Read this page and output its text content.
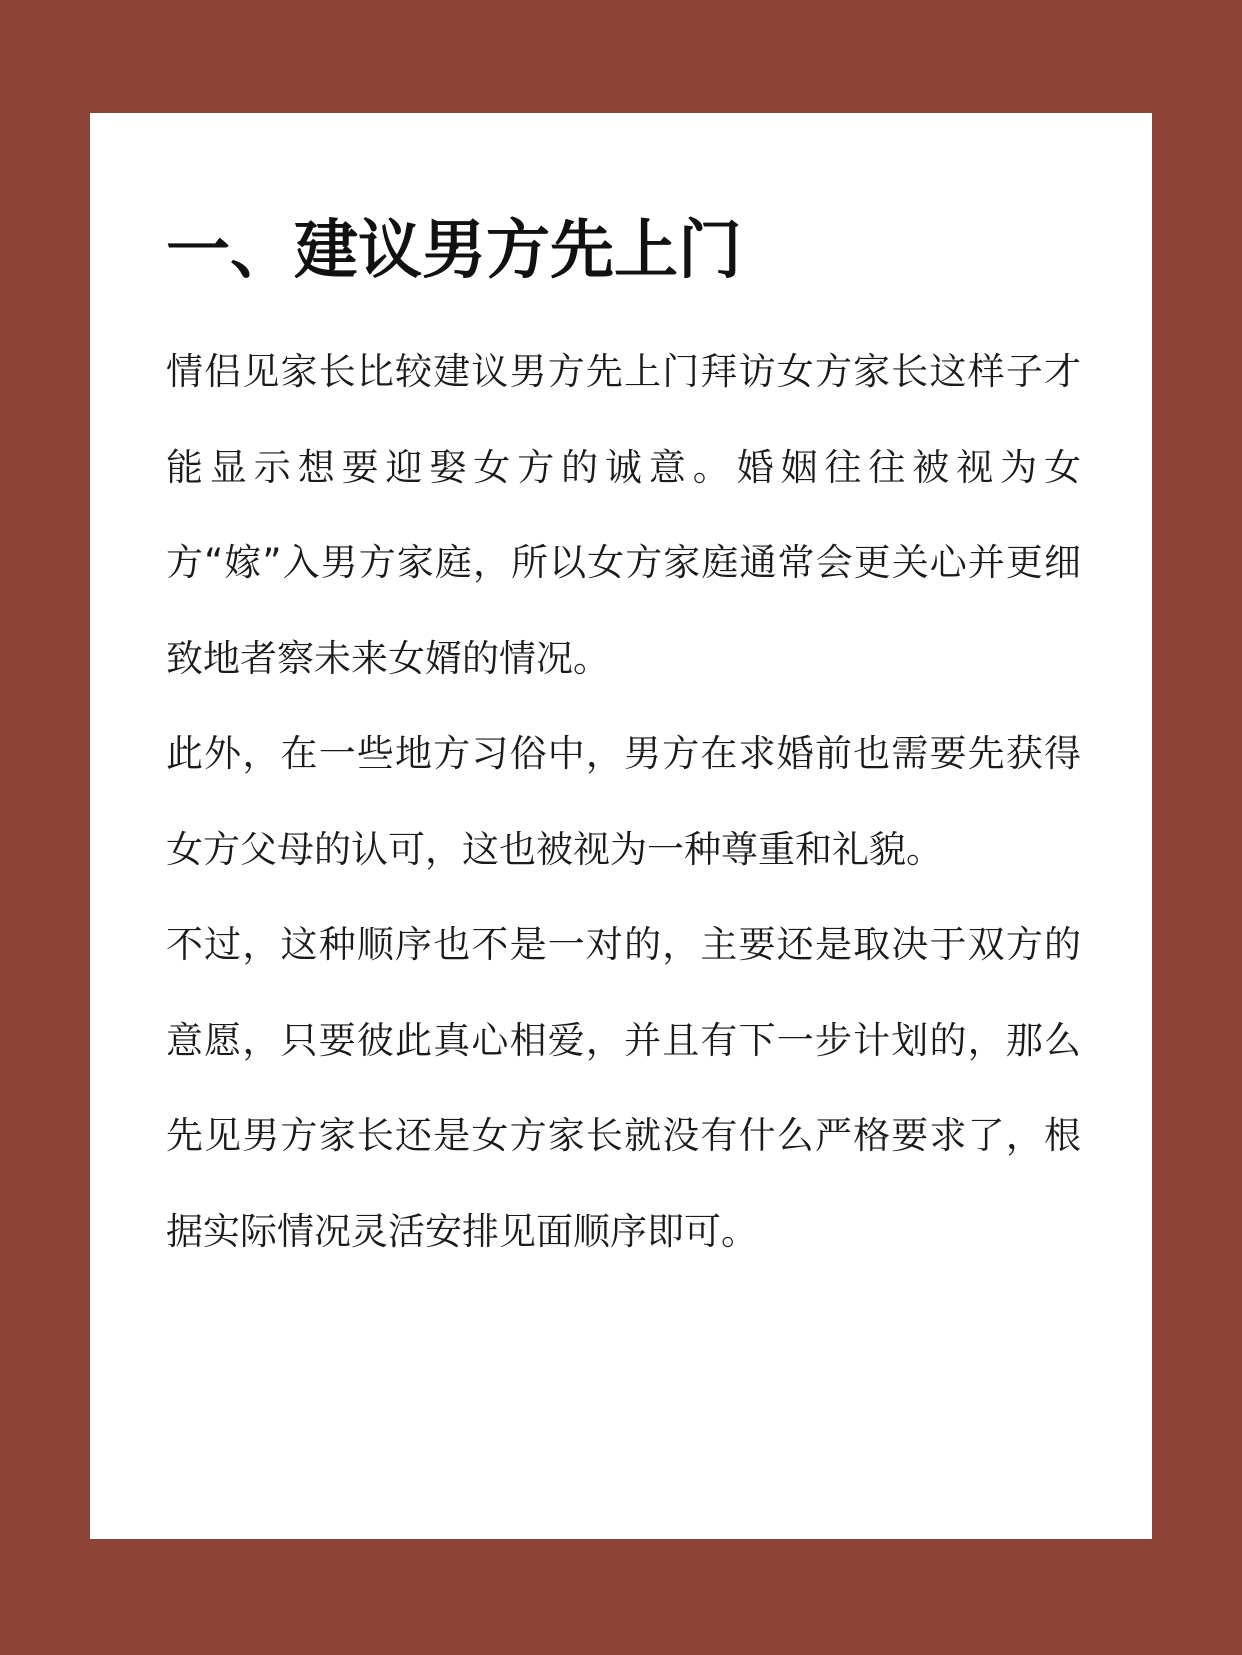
一、建议男方先上门

情侣见家长比较建议男方先上门拜访女方家长这样子才能显示想要迎娶女方的诚意。婚姻往往被视为女方“嫁”入男方家庭，所以女方家庭通常会更关心并更细致地者察未来女婿的情况。

此外，在一些地方习俗中，男方在求婚前也需要先获得女方父母的认可，这也被视为一种尊重和礼貌。

不过，这种顺序也不是一对的，主要还是取决于双方的意愿，只要彼此真心相爱，并且有下一步计划的，那么先见男方家长还是女方家长就没有什么严格要求了，根据实际情况灵活安排见面顺序即可。
